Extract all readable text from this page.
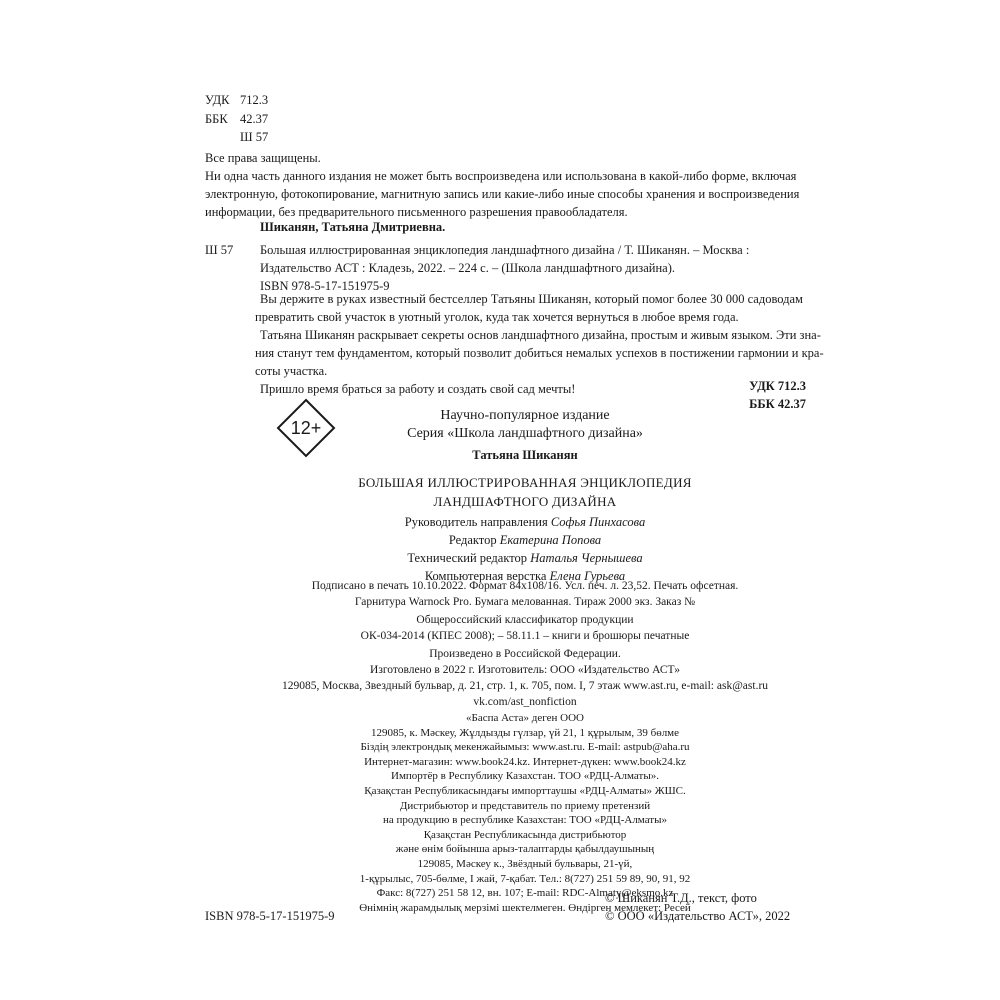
УДК 712.3
ББК 42.37
Ш 57
Все права защищены.
Ни одна часть данного издания не может быть воспроизведена или использована в какой-либо форме, включая
электронную, фотокопирование, магнитную запись или какие-либо иные способы хранения и воспроизведения
информации, без предварительного письменного разрешения правообладателя.
Шиканян, Татьяна Дмитриевна.
Ш 57 Большая иллюстрированная энциклопедия ландшафтного дизайна / Т. Шиканян. – Москва :
Издательство АСТ : Кладезь, 2022. – 224 с. – (Школа ландшафтного дизайна).
ISBN 978-5-17-151975-9
Вы держите в руках известный бестселлер Татьяны Шиканян, который помог более 30 000 садоводам
превратить свой участок в уютный уголок, куда так хочется вернуться в любое время года.
Татьяна Шиканян раскрывает секреты основ ландшафтного дизайна, простым и живым языком. Эти зна-
ния станут тем фундаментом, который позволит добиться немалых успехов в постижении гармонии и кра-
соты участка.
Пришло время браться за работу и создать свой сад мечты!	УДК 712.3
ББК 42.37
12+
Научно-популярное издание
Серия «Школа ландшафтного дизайна»
Татьяна Шиканян
БОЛЬШАЯ ИЛЛЮСТРИРОВАННАЯ ЭНЦИКЛОПЕДИЯ
ЛАНДШАФТНОГО ДИЗАЙНА
Руководитель направления Софья Пинхасова
Редактор Екатерина Попова
Технический редактор Наталья Чернышева
Компьютерная верстка Елена Гурьева
Подписано в печать 10.10.2022. Формат 84x108/16. Усл. печ. л. 23,52. Печать офсетная.
Гарнитура Warnock Pro. Бумага мелованная. Тираж 2000 экз. Заказ №
Общероссийский классификатор продукции
ОК-034-2014 (КПЕС 2008); – 58.11.1 – книги и брошюры печатные
Произведено в Российской Федерации.
Изготовлено в 2022 г. Изготовитель: ООО «Издательство АСТ»
129085, Москва, Звездный бульвар, д. 21, стр. 1, к. 705, пом. I, 7 этаж www.ast.ru, e-mail: ask@ast.ru
vk.com/ast_nonfiction
«Баспа Аста» деген ООО
129085, к. Мәскеу, Жұлдызды гүлзар, үй 21, 1 құрылым, 39 бөлме
Біздің электрондық мекенжайымыз: www.ast.ru. E-mail: astpub@aha.ru
Интернет-магазин: www.book24.kz. Интернет-дүкен: www.book24.kz
Импортёр в Республику Казахстан. ТОО «РДЦ-Алматы».
Қазақстан Республикасындағы импорттаушы «РДЦ-Алматы» ЖШС.
Дистрибьютор и представитель по приему претензий
на продукцию в республике Казахстан: ТОО «РДЦ-Алматы»
Қазақстан Республикасында дистрибьютор
және өнім бойынша арыз-талаптарды қабылдаушының
129085, Мәскеу к., Звёздный бульвары, 21-үй,
1-құрылыс, 705-бөлме, I жай, 7-қабат. Тел.: 8(727) 251 59 89, 90, 91, 92
Факс: 8(727) 251 58 12, вн. 107; E-mail: RDC-Almaty@eksmo.kz
Өнімнің жарамдылық мерзімі шектелмеген. Өндірген мемлекет: Ресей
ISBN 978-5-17-151975-9
© Шиканян Т.Д., текст, фото
© ООО «Издательство АСТ», 2022
